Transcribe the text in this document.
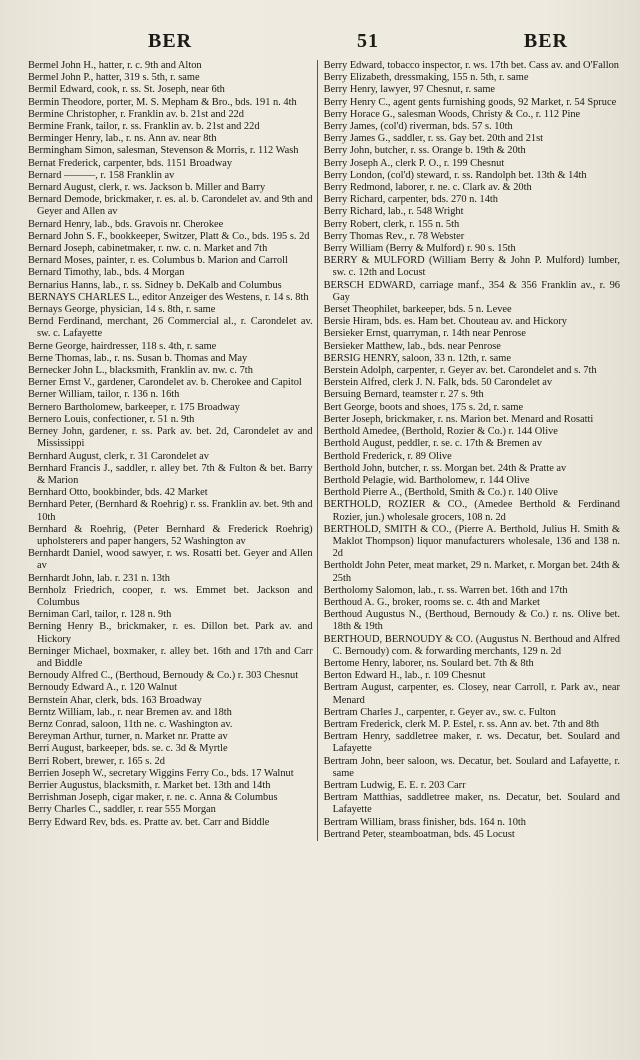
BER	51	BER
Bermel John H., hatter, r. c. 9th and Alton
Bermel John P., hatter, 319 s. 5th, r. same
Bermil Edward, cook, r. ss. St. Joseph, near 6th
Bermin Theodore, porter, M. S. Mepham & Bro., bds. 191 n. 4th
Bermine Christopher, r. Franklin av. b. 21st and 22d
Bermine Frank, tailor, r. ss. Franklin av. b. 21st and 22d
Berminger Henry, lab., r. ns. Ann av. near 8th
Bermingham Simon, salesman, Stevenson & Morris, r. 112 Wash
Bernat Frederick, carpenter, bds. 1151 Broadway
Bernard ———, r. 158 Franklin av
Bernard August, clerk, r. ws. Jackson b. Miller and Barry
Bernard Demode, brickmaker, r. es. al. b. Carondelet av. and 9th and Geyer and Allen av
Bernard Henry, lab., bds. Gravois nr. Cherokee
Bernard John S. F., bookkeeper, Switzer, Platt & Co., bds. 195 s. 2d
Bernard Joseph, cabinetmaker, r. nw. c. n. Market and 7th
Bernard Moses, painter, r. es. Columbus b. Marion and Carroll
Bernard Timothy, lab., bds. 4 Morgan
Bernarius Hanns, lab., r. ss. Sidney b. DeKalb and Columbus
BERNAYS CHARLES L., editor Anzeiger des Westens, r. 14 s. 8th
Bernays George, physician, 14 s. 8th, r. same
Bernd Ferdinand, merchant, 26 Commercial al., r. Carondelet av. sw. c. Lafayette
Berne George, hairdresser, 118 s. 4th, r. same
Berne Thomas, lab., r. ns. Susan b. Thomas and May
Bernecker John L., blacksmith, Franklin av. nw. c. 7th
Berner Ernst V., gardener, Carondelet av. b. Cherokee and Capitol
Berner William, tailor, r. 136 n. 16th
Bernero Bartholomew, barkeeper, r. 175 Broadway
Bernero Louis, confectioner, r. 51 n. 9th
Berney John, gardener, r. ss. Park av. bet. 2d, Carondelet av and Mississippi
Bernhard August, clerk, r. 31 Carondelet av
Bernhard Francis J., saddler, r. alley bet. 7th & Fulton & bet. Barry & Marion
Bernhard Otto, bookbinder, bds. 42 Market
Bernhard Peter, (Bernhard & Roehrig) r. ss. Franklin av. bet. 9th and 10th
Bernhard & Roehrig, (Peter Bernhard & Frederick Roehrig) upholsterers and paper hangers, 52 Washington av
Bernhardt Daniel, wood sawyer, r. ws. Rosatti bet. Geyer and Allen av
Bernhardt John, lab. r. 231 n. 13th
Bernholz Friedrich, cooper, r. ws. Emmet bet. Jackson and Columbus
Berniman Carl, tailor, r. 128 n. 9th
Berning Henry B., brickmaker, r. es. Dillon bet. Park av. and Hickory
Berninger Michael, boxmaker, r. alley bet. 16th and 17th and Carr and Biddle
Bernoudy Alfred C., (Berthoud, Bernoudy & Co.) r. 303 Chesnut
Bernoudy Edward A., r. 120 Walnut
Bernstein Ahar, clerk, bds. 163 Broadway
Berntz William, lab., r. near Bremen av. and 18th
Bernz Conrad, saloon, 11th ne. c. Washington av.
Bereyman Arthur, turner, n. Market nr. Pratte av
Berri August, barkeeper, bds. se. c. 3d & Myrtle
Berri Robert, brewer, r. 165 s. 2d
Berrien Joseph W., secretary Wiggins Ferry Co., bds. 17 Walnut
Berrier Augustus, blacksmith, r. Market bet. 13th and 14th
Berrishman Joseph, cigar maker, r. ne. c. Anna & Columbus
Berry Charles C., saddler, r. rear 555 Morgan
Berry Edward Rev, bds. es. Pratte av. bet. Carr and Biddle
Berry Edward, tobacco inspector, r. ws. 17th bet. Cass av. and O'Fallon
Berry Elizabeth, dressmaking, 155 n. 5th, r. same
Berry Henry, lawyer, 97 Chesnut, r. same
Berry Henry C., agent gents furnishing goods, 92 Market, r. 54 Spruce
Berry Horace G., salesman Woods, Christy & Co., r. 112 Pine
Berry James, (col'd) riverman, bds. 57 s. 10th
Berry James G., saddler, r. ss. Gay bet. 20th and 21st
Berry John, butcher, r. ss. Orange b. 19th & 20th
Berry Joseph A., clerk P. O., r. 199 Chesnut
Berry London, (col'd) steward, r. ss. Randolph bet. 13th & 14th
Berry Redmond, laborer, r. ne. c. Clark av. & 20th
Berry Richard, carpenter, bds. 270 n. 14th
Berry Richard, lab., r. 548 Wright
Berry Robert, clerk, r. 155 n. 5th
Berry Thomas Rev., r. 78 Webster
Berry William (Berry & Mulford) r. 90 s. 15th
BERRY & MULFORD (William Berry & John P. Mulford) lumber, sw. c. 12th and Locust
BERSCH EDWARD, carriage manf., 354 & 356 Franklin av., r. 96 Gay
Berset Theophilet, barkeeper, bds. 5 n. Levee
Bersie Hiram, bds. es. Ham bet. Chouteau av. and Hickory
Bersieker Ernst, quarryman, r. 14th near Penrose
Bersieker Matthew, lab., bds. near Penrose
BERSIG HENRY, saloon, 33 n. 12th, r. same
Berstein Adolph, carpenter, r. Geyer av. bet. Carondelet and s. 7th
Berstein Alfred, clerk J. N. Falk, bds. 50 Carondelet av
Bersuing Bernard, teamster r. 27 s. 9th
Bert George, boots and shoes, 175 s. 2d, r. same
Berter Joseph, brickmaker, r. ns. Marion bet. Menard and Rosatti
Berthold Amedee, (Berthold, Rozier & Co.) r. 144 Olive
Berthold August, peddler, r. se. c. 17th & Bremen av
Berthold Frederick, r. 89 Olive
Berthold John, butcher, r. ss. Morgan bet. 24th & Pratte av
Berthold Pelagie, wid. Bartholomew, r. 144 Olive
Berthold Pierre A., (Berthold, Smith & Co.) r. 140 Olive
BERTHOLD, ROZIER & CO., (Amedee Berthold & Ferdinand Rozier, jun.) wholesale grocers, 108 n. 2d
BERTHOLD, SMITH & CO., (Pierre A. Berthold, Julius H. Smith & Maklot Thompson) liquor manufacturers wholesale, 136 and 138 n. 2d
Bertholdt John Peter, meat market, 29 n. Market, r. Morgan bet. 24th & 25th
Bertholomy Salomon, lab., r. ss. Warren bet. 16th and 17th
Berthoud A. G., broker, rooms se. c. 4th and Market
Berthoud Augustus N., (Berthoud, Bernoudy & Co.) r. ns. Olive bet. 18th & 19th
BERTHOUD, BERNOUDY & CO. (Augustus N. Berthoud and Alfred C. Bernoudy) com. & forwarding merchants, 129 n. 2d
Bertome Henry, laborer, ns. Soulard bet. 7th & 8th
Berton Edward H., lab., r. 109 Chesnut
Bertram August, carpenter, es. Closey, near Carroll, r. Park av., near Menard
Bertram Charles J., carpenter, r. Geyer av., sw. c. Fulton
Bertram Frederick, clerk M. P. Estel, r. ss. Ann av. bet. 7th and 8th
Bertram Henry, saddletree maker, r. ws. Decatur, bet. Soulard and Lafayette
Bertram John, beer saloon, ws. Decatur, bet. Soulard and Lafayette, r. same
Bertram Ludwig, E. E. r. 203 Carr
Bertram Matthias, saddletree maker, ns. Decatur, bet. Soulard and Lafayette
Bertram William, brass finisher, bds. 164 n. 10th
Bertrand Peter, steamboatman, bds. 45 Locust
